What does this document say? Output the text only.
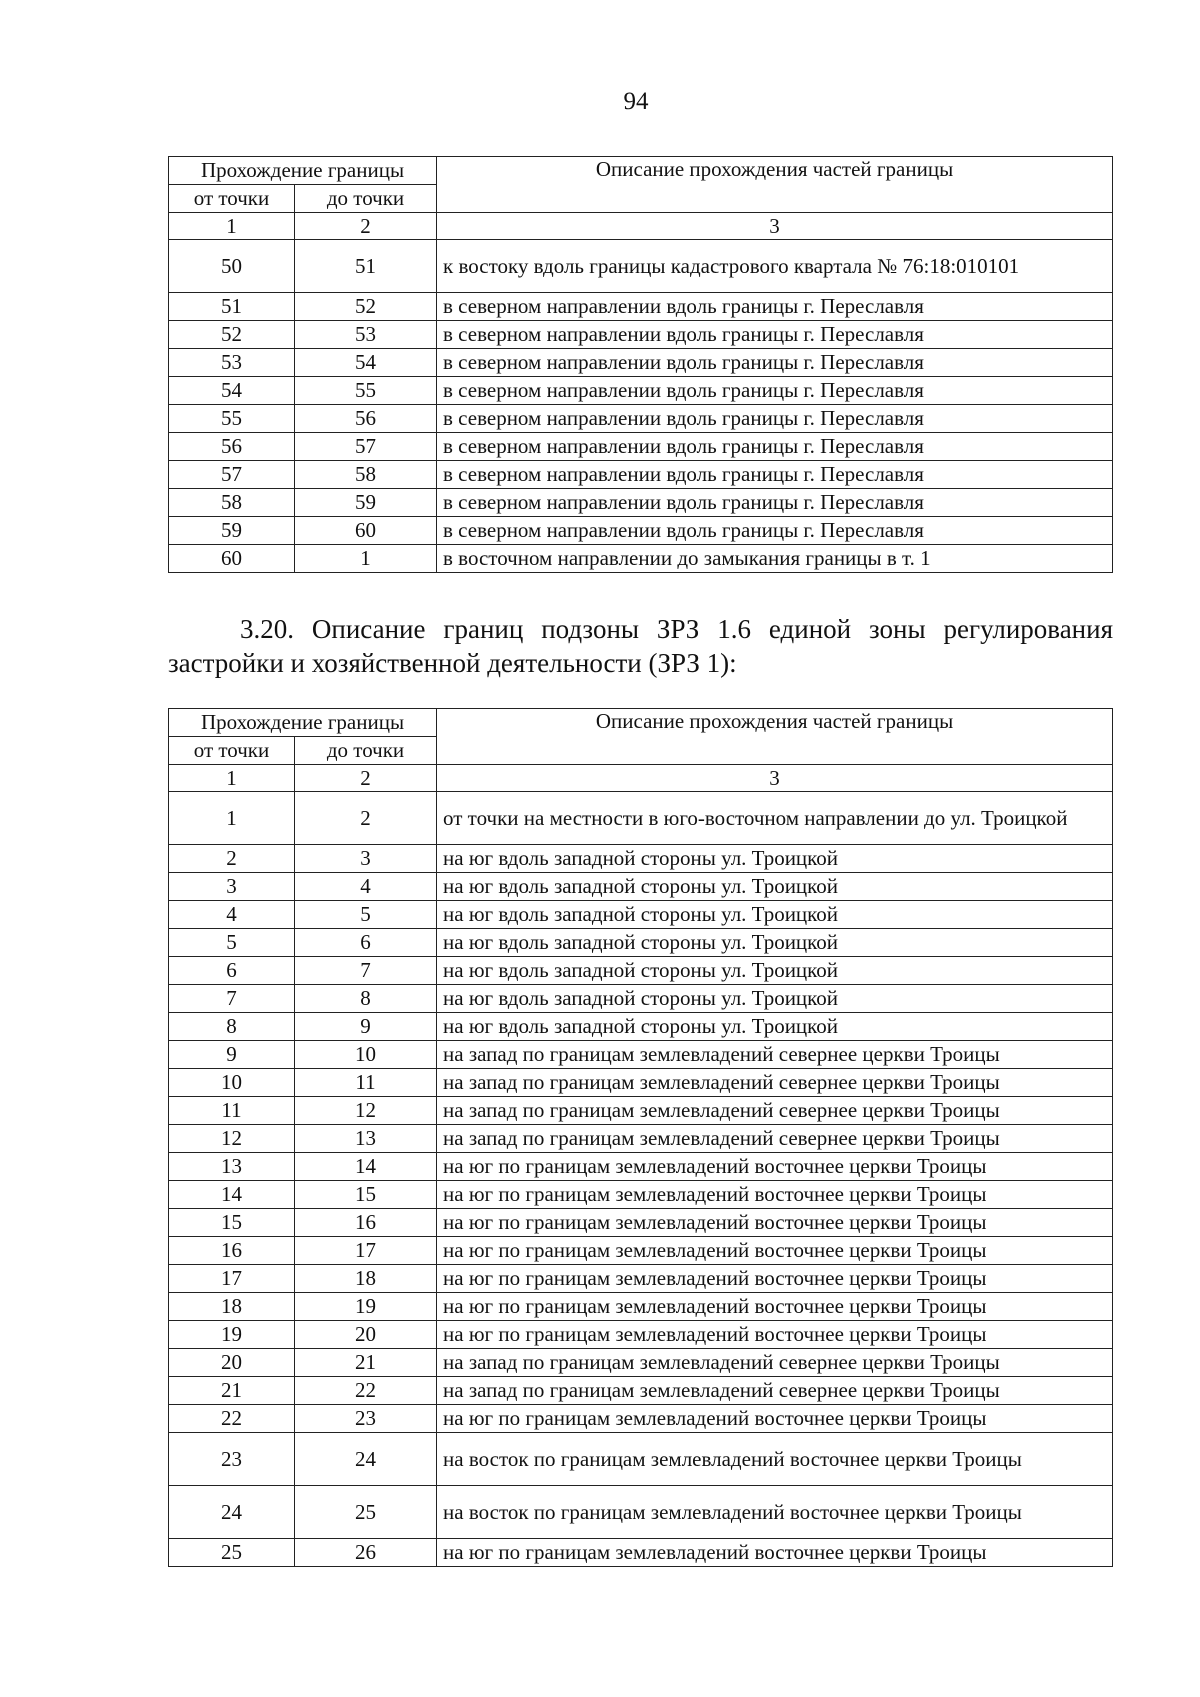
94
Прохождение границы		Описание прохождения частей границы
от точки	до точки	
1	2	3
50	51	к востоку вдоль границы кадастрового квартала № 76:18:010101
51	52	в северном направлении вдоль границы г. Переславля
52	53	в северном направлении вдоль границы г. Переславля
53	54	в северном направлении вдоль границы г. Переславля
54	55	в северном направлении вдоль границы г. Переславля
55	56	в северном направлении вдоль границы г. Переславля
56	57	в северном направлении вдоль границы г. Переславля
57	58	в северном направлении вдоль границы г. Переславля
58	59	в северном направлении вдоль границы г. Переславля
59	60	в северном направлении вдоль границы г. Переславля
60	1	в восточном направлении до замыкания границы в т. 1

3.20. Описание границ подзоны ЗРЗ 1.6 единой зоны регулирования застройки и хозяйственной деятельности (ЗРЗ 1):

Прохождение границы		Описание прохождения частей границы
от точки	до точки	
1	2	3
1	2	от точки на местности в юго-восточном направлении до ул. Троицкой
2	3	на юг вдоль западной стороны ул. Троицкой
3	4	на юг вдоль западной стороны ул. Троицкой
4	5	на юг вдоль западной стороны ул. Троицкой
5	6	на юг вдоль западной стороны ул. Троицкой
6	7	на юг вдоль западной стороны ул. Троицкой
7	8	на юг вдоль западной стороны ул. Троицкой
8	9	на юг вдоль западной стороны ул. Троицкой
9	10	на запад по границам землевладений севернее церкви Троицы
10	11	на запад по границам землевладений севернее церкви Троицы
11	12	на запад по границам землевладений севернее церкви Троицы
12	13	на запад по границам землевладений севернее церкви Троицы
13	14	на юг по границам землевладений восточнее церкви Троицы
14	15	на юг по границам землевладений восточнее церкви Троицы
15	16	на юг по границам землевладений восточнее церкви Троицы
16	17	на юг по границам землевладений восточнее церкви Троицы
17	18	на юг по границам землевладений восточнее церкви Троицы
18	19	на юг по границам землевладений восточнее церкви Троицы
19	20	на юг по границам землевладений восточнее церкви Троицы
20	21	на запад по границам землевладений севернее церкви Троицы
21	22	на запад по границам землевладений севернее церкви Троицы
22	23	на юг по границам землевладений восточнее церкви Троицы
23	24	на восток по границам землевладений восточнее церкви Троицы
24	25	на восток по границам землевладений восточнее церкви Троицы
25	26	на юг по границам землевладений восточнее церкви Троицы
